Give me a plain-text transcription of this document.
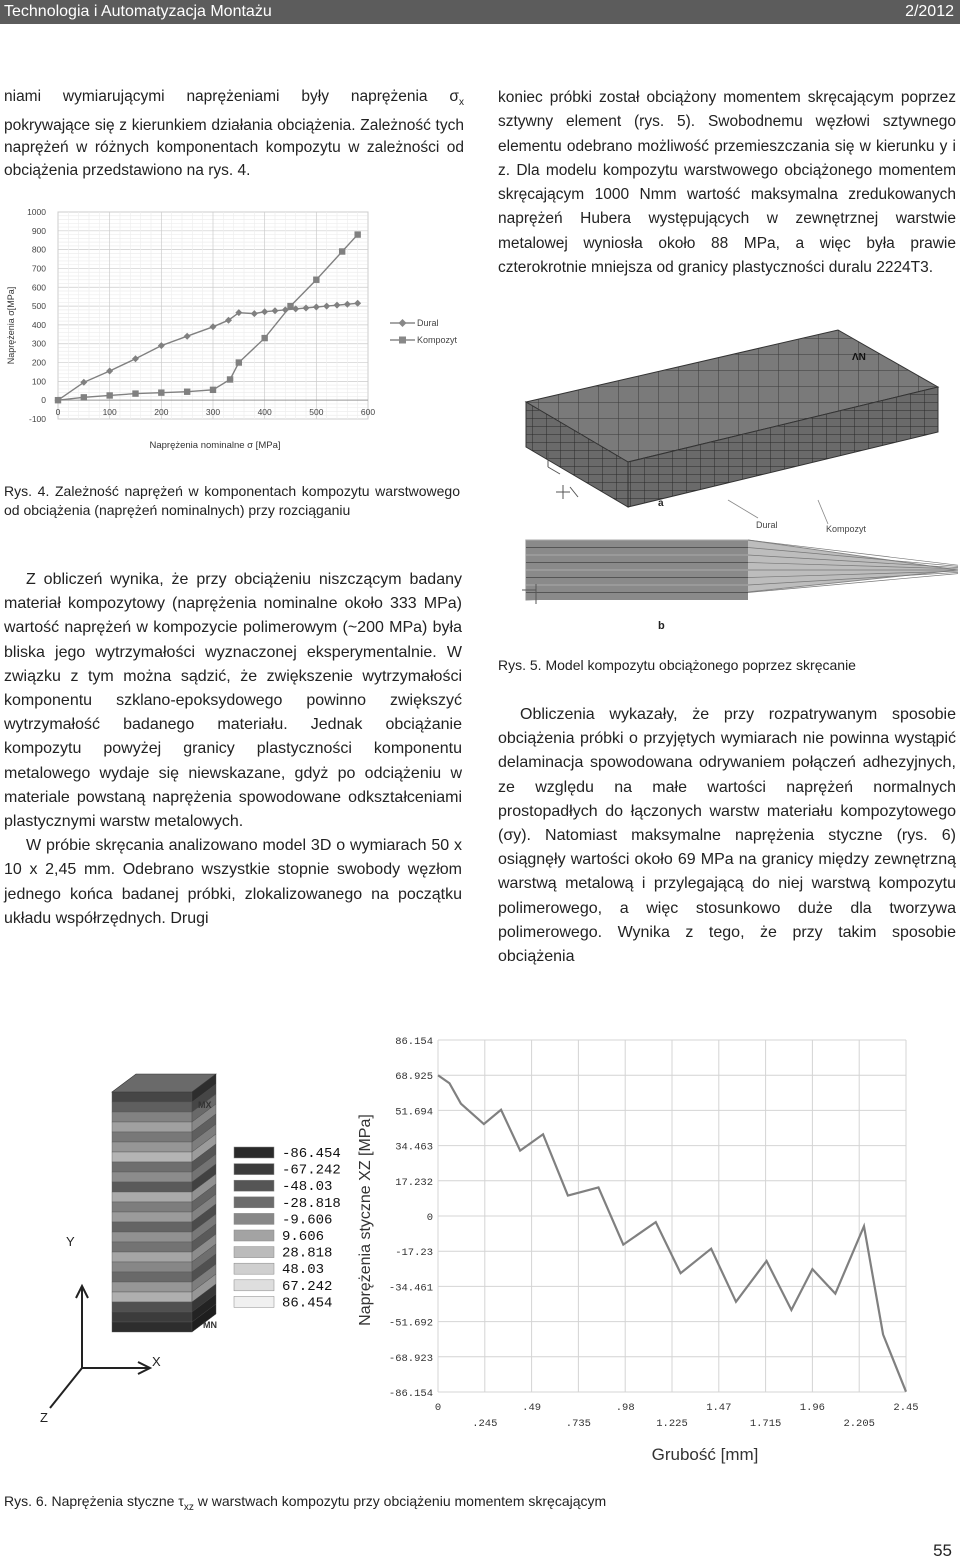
Technologia i Automatyzacja Montażu	2/2012

niami wymiarującymi naprężeniami były naprężenia $\sigma_x$ pokrywające się z kierunkiem działania obciążenia. Zależność tych naprężeń w różnych komponentach kompozytu w zależności od obciążenia przedstawiono na rys. 4.

-100
0
100
200
300
400
500
600
700
800
900
1000
0	100	200	300	400	500	600
Naprężenia σ[MPa]
Naprężenia nominalne σ [MPa]
Dural
Kompozyt
Rys. 4. Zależność naprężeń w komponentach kompozytu warstwowego od obciążenia (naprężeń nominalnych) przy rozciąganiu

Z obliczeń wynika, że przy obciążeniu niszczącym badany materiał kompozytowy (naprężenia nominalne około 333 MPa) wartość naprężeń w kompozycie polimerowym (~200 MPa) była bliska jego wytrzymałości wyznaczonej eksperymentalnie. W związku z tym można sądzić, że zwiększenie wytrzymałości komponentu szklano-epoksydowego powinno zwiększyć wytrzymałość badanego materiału. Jednak obciążanie kompozytu powyżej granicy plastyczności komponentu metalowego wydaje się niewskazane, gdyż po odciążeniu w materiale powstaną naprężenia spowodowane odkształceniami plastycznymi warstw metalowych.

W próbie skręcania analizowano model 3D o wymiarach 50 x 10 x 2,45 mm. Odebrano wszystkie stopnie swobody węzłom jednego końca badanej próbki, zlokalizowanego na początku układu współrzędnych. Drugi

koniec próbki został obciążony momentem skręcającym poprzez sztywny element (rys. 5). Swobodnemu węzłowi sztywnego elementu odebrano możliwość przemieszczania się w kierunku y i z. Dla modelu kompozytu warstwowego obciążonego momentem skręcającym 1000 Nmm wartość maksymalna zredukowanych naprężeń Hubera występujących w zewnętrznej warstwie metalowej wyniosła około 88 MPa, a więc była prawie czterokrotnie mniejsza od granicy plastyczności duralu 2224T3.
ΛN
a
Dural	Kompozyt
b
Rys. 5. Model kompozytu obciążonego poprzez skręcanie

Obliczenia wykazały, że przy rozpatrywanym sposobie obciążenia próbki o przyjętych wymiarach nie powinna wystąpić delaminacja spowodowana odrywaniem połączeń adhezyjnych, ze względu na małe wartości naprężeń normalnych prostopadłych do łączonych warstw materiału kompozytowego (σy). Natomiast maksymalne naprężenia styczne (rys. 6) osiągnęły wartości około 69 MPa na granicy między zewnętrzną warstwą metalową i przylegającą do niej warstwą kompozytu polimerowego, a więc stosunkowo duże dla tworzywa polimerowego. Wynika z tego, że przy takim sposobie obciążenia

MX
MN
Y
X
Z
-86.454
-67.242
-48.03
-28.818
-9.606
9.606
28.818
48.03
67.242
86.454
86.154
68.925
51.694
34.463
17.232
0
-17.23
-34.461
-51.692
-68.923
-86.154
0	.49	.98	1.47	1.96	2.45
.245	.735	1.225	1.715	2.205
Naprężenia styczne XZ [MPa]
Grubość [mm]
Rys. 6. Naprężenia styczne $\tau_{xz}$ w warstwach kompozytu przy obciążeniu momentem skręcającym
55
